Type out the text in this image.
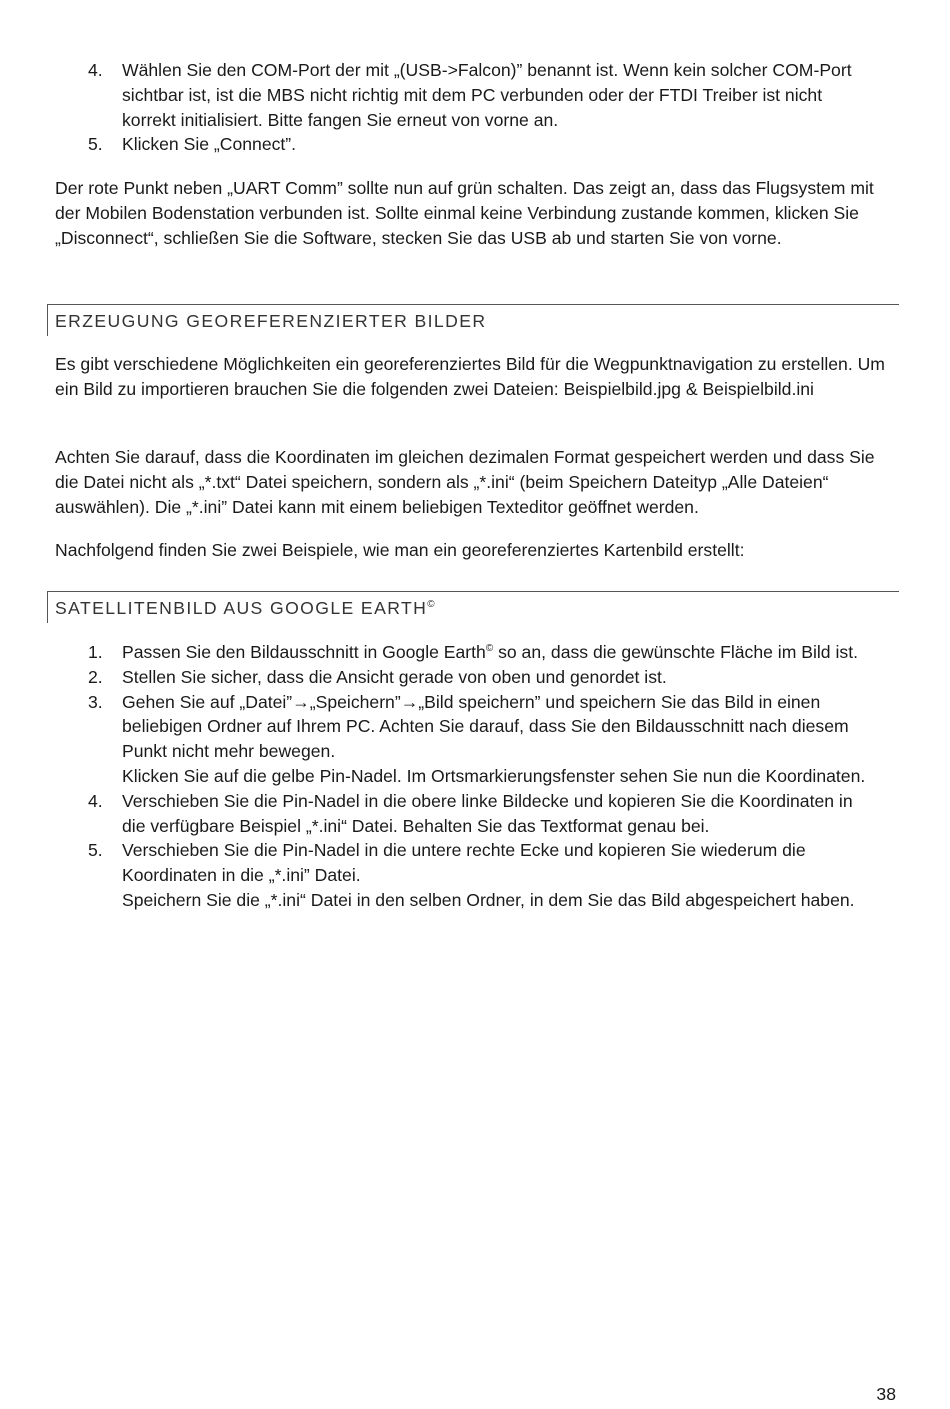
4. Wählen Sie den COM-Port der mit „(USB->Falcon)” benannt ist. Wenn kein solcher COM-Port sichtbar ist, ist die MBS nicht richtig mit dem PC verbunden oder der FTDI Treiber ist nicht korrekt initialisiert. Bitte fangen Sie erneut von vorne an.
5. Klicken Sie „Connect”.

Der rote Punkt neben „UART Comm” sollte nun auf grün schalten. Das zeigt an, dass das Flugsystem mit der Mobilen Bodenstation verbunden ist. Sollte einmal keine Verbindung zustande kommen, klicken Sie „Disconnect“, schließen Sie die Software, stecken Sie das USB ab und starten Sie von vorne.

ERZEUGUNG GEOREFERENZIERTER BILDER

Es gibt verschiedene Möglichkeiten ein georeferenziertes Bild für die Wegpunktnavigation zu erstellen. Um ein Bild zu importieren brauchen Sie die folgenden zwei Dateien: Beispielbild.jpg & Beispielbild.ini

Achten Sie darauf, dass die Koordinaten im gleichen dezimalen Format gespeichert werden und dass Sie die Datei nicht als „*.txt“ Datei speichern, sondern als „*.ini“ (beim Speichern Dateityp „Alle Dateien“ auswählen). Die „*.ini” Datei kann mit einem beliebigen Texteditor geöffnet werden.

Nachfolgend finden Sie zwei Beispiele, wie man ein georeferenziertes Kartenbild erstellt:

SATELLITENBILD AUS GOOGLE EARTH©
1. Passen Sie den Bildausschnitt in Google Earth© so an, dass die gewünschte Fläche im Bild ist.
2. Stellen Sie sicher, dass die Ansicht gerade von oben und genordet ist.
3. Gehen Sie auf „Datei”→„Speichern”→„Bild speichern” und speichern Sie das Bild in einen beliebigen Ordner auf Ihrem PC. Achten Sie darauf, dass Sie den Bildausschnitt nach diesem Punkt nicht mehr bewegen.
Klicken Sie auf die gelbe Pin-Nadel. Im Ortsmarkierungsfenster sehen Sie nun die Koordinaten.
4. Verschieben Sie die Pin-Nadel in die obere linke Bildecke und kopieren Sie die Koordinaten in die verfügbare Beispiel „*.ini“ Datei. Behalten Sie das Textformat genau bei.
5. Verschieben Sie die Pin-Nadel in die untere rechte Ecke und kopieren Sie wiederum die Koordinaten in die „*.ini” Datei.
Speichern Sie die „*.ini“ Datei in den selben Ordner, in dem Sie das Bild abgespeichert haben.
38
